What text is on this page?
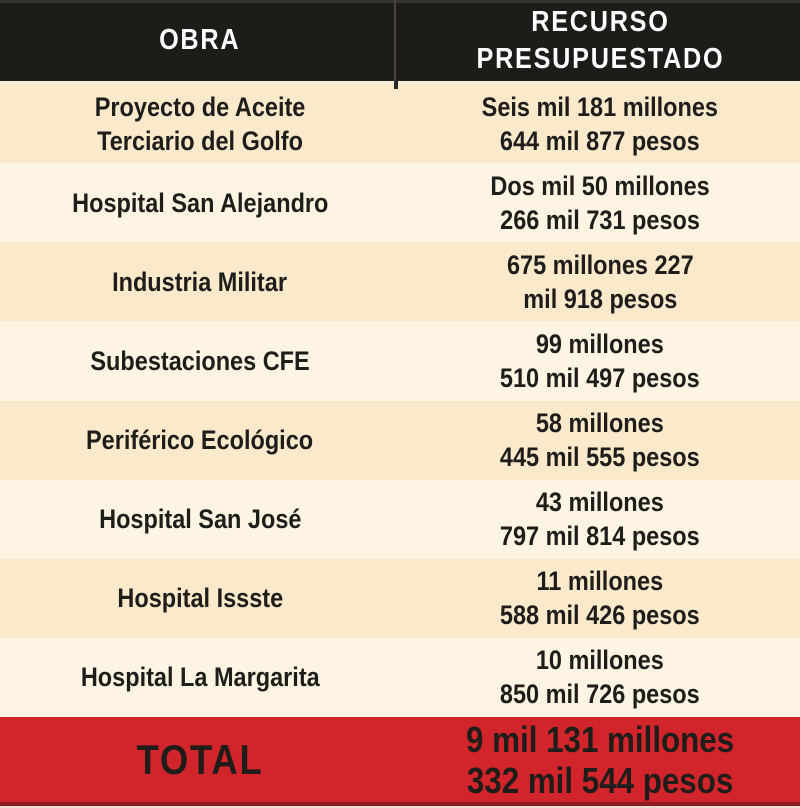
OBRA
RECURSO
PRESUPUESTADO
Proyecto de Aceite
Terciario del Golfo
Seis mil 181 millones
644 mil 877 pesos
Hospital San Alejandro
Dos mil 50 millones
266 mil 731 pesos
Industria Militar
675 millones 227
mil 918 pesos
Subestaciones CFE
99 millones
510 mil 497 pesos
Periférico Ecológico
58 millones
445 mil 555 pesos
Hospital San José
43 millones
797 mil 814 pesos
Hospital Issste
11 millones
588 mil 426 pesos
Hospital La Margarita
10 millones
850 mil 726 pesos
TOTAL	9 mil 131 millones
332 mil 544 pesos
